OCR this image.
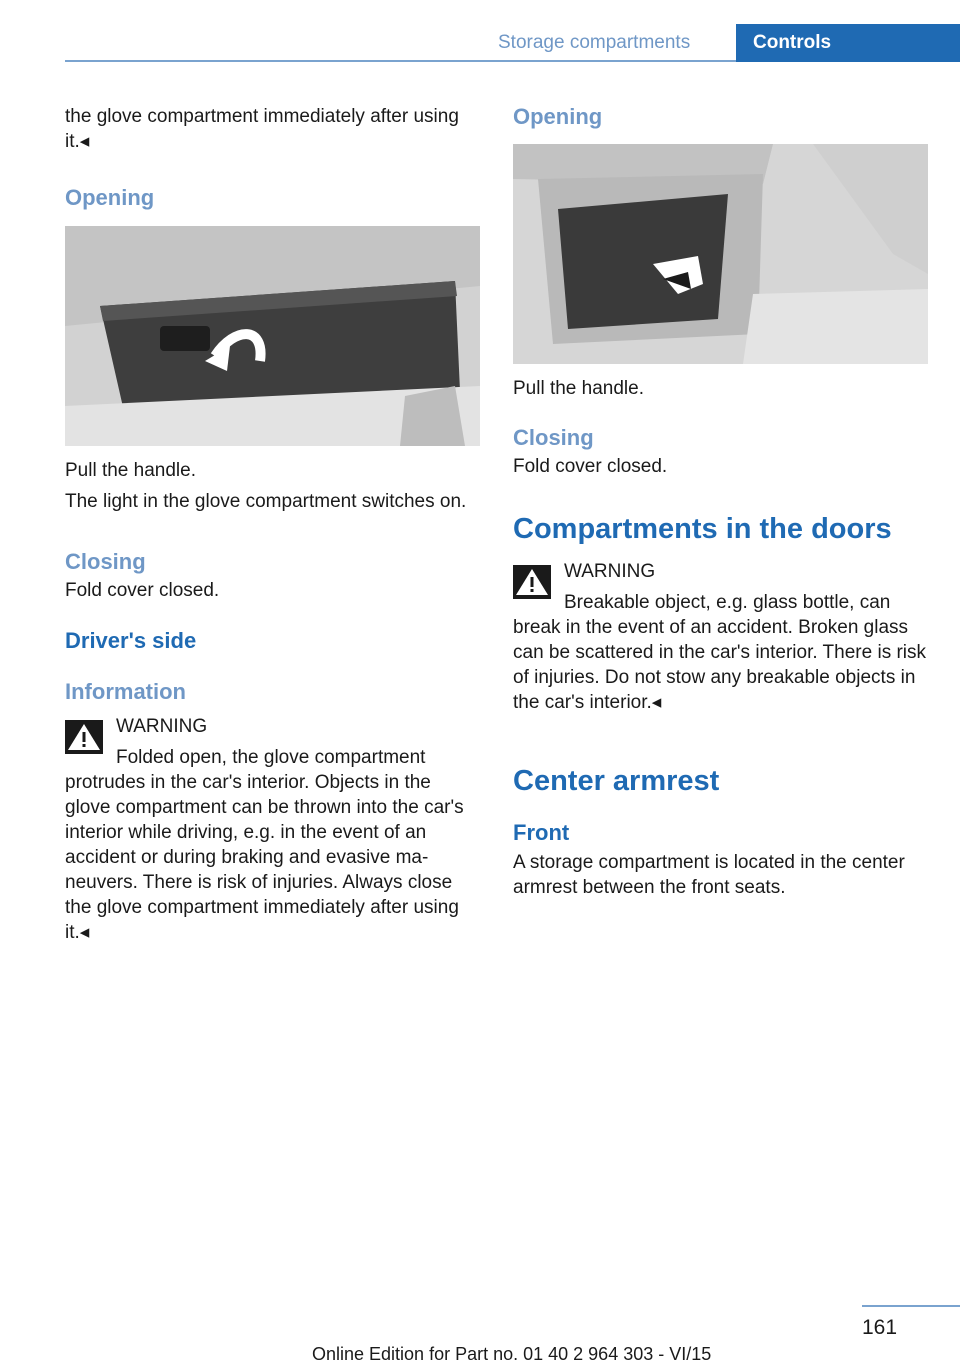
Storage compartments	Controls

the glove compartment immediately after using it.◂

Opening

Pull the handle.

The light in the glove compartment switches on.

Closing

Fold cover closed.

Driver's side
Information

WARNING

Folded open, the glove compartment

protrudes in the car's interior. Objects in the glove compartment can be thrown into the car's interior while driving, e.g. in the event of an accident or during braking and evasive maneuvers. There is risk of injuries. Always close the glove compartment immediately after using it.◂

Opening

Pull the handle.

Closing

Fold cover closed.

Compartments in the doors

WARNING

Breakable object, e.g. glass bottle, can

break in the event of an accident. Broken glass can be scattered in the car's interior. There is risk of injuries. Do not stow any breakable objects in the car's interior.◂

Center armrest
Front

A storage compartment is located in the center armrest between the front seats.

161
Online Edition for Part no. 01 40 2 964 303 - VI/15
